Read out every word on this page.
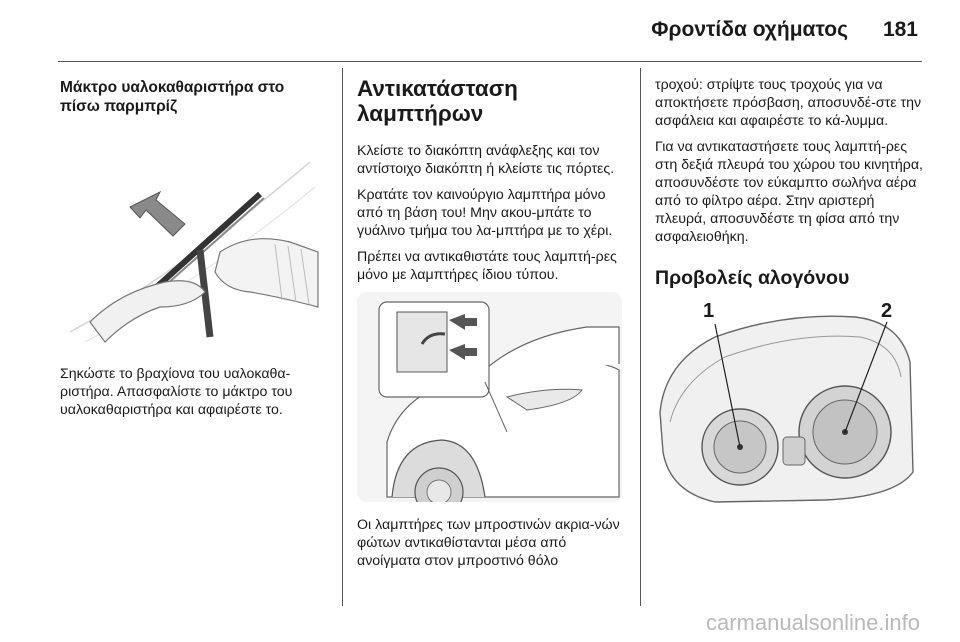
Φροντίδα οχήματος 181
Μάκτρο υαλοκαθαριστήρα στο
πίσω παρμπρίζ

Σηκώστε το βραχίονα του υαλοκαθα-ριστήρα. Απασφαλίστε το μάκτρο του υαλοκαθαριστήρα και αφαιρέστε το.

Αντικατάσταση
λαμπτήρων

Κλείστε το διακόπτη ανάφλεξης και τον αντίστοιχο διακόπτη ή κλείστε τις πόρτες.

Κρατάτε τον καινούργιο λαμπτήρα μόνο από τη βάση του! Μην ακου-μπάτε το γυάλινο τμήμα του λα-μπτήρα με το χέρι.

Πρέπει να αντικαθιστάτε τους λαμπτή-ρες μόνο με λαμπτήρες ίδιου τύπου.

Οι λαμπτήρες των μπροστινών ακρια-νών φώτων αντικαθίστανται μέσα από ανοίγματα στον μπροστινό θόλο

τροχού: στρίψτε τους τροχούς για να αποκτήσετε πρόσβαση, αποσυνδέ-στε την ασφάλεια και αφαιρέστε το κά-λυμμα.

Για να αντικαταστήσετε τους λαμπτή-ρες στη δεξιά πλευρά του χώρου του κινητήρα, αποσυνδέστε τον εύκαμπτο σωλήνα αέρα από το φίλτρο αέρα. Στην αριστερή πλευρά, αποσυνδέστε τη φίσα από την ασφαλειοθήκη.

Προβολείς αλογόνου
1	2
carmanualsonline.info
